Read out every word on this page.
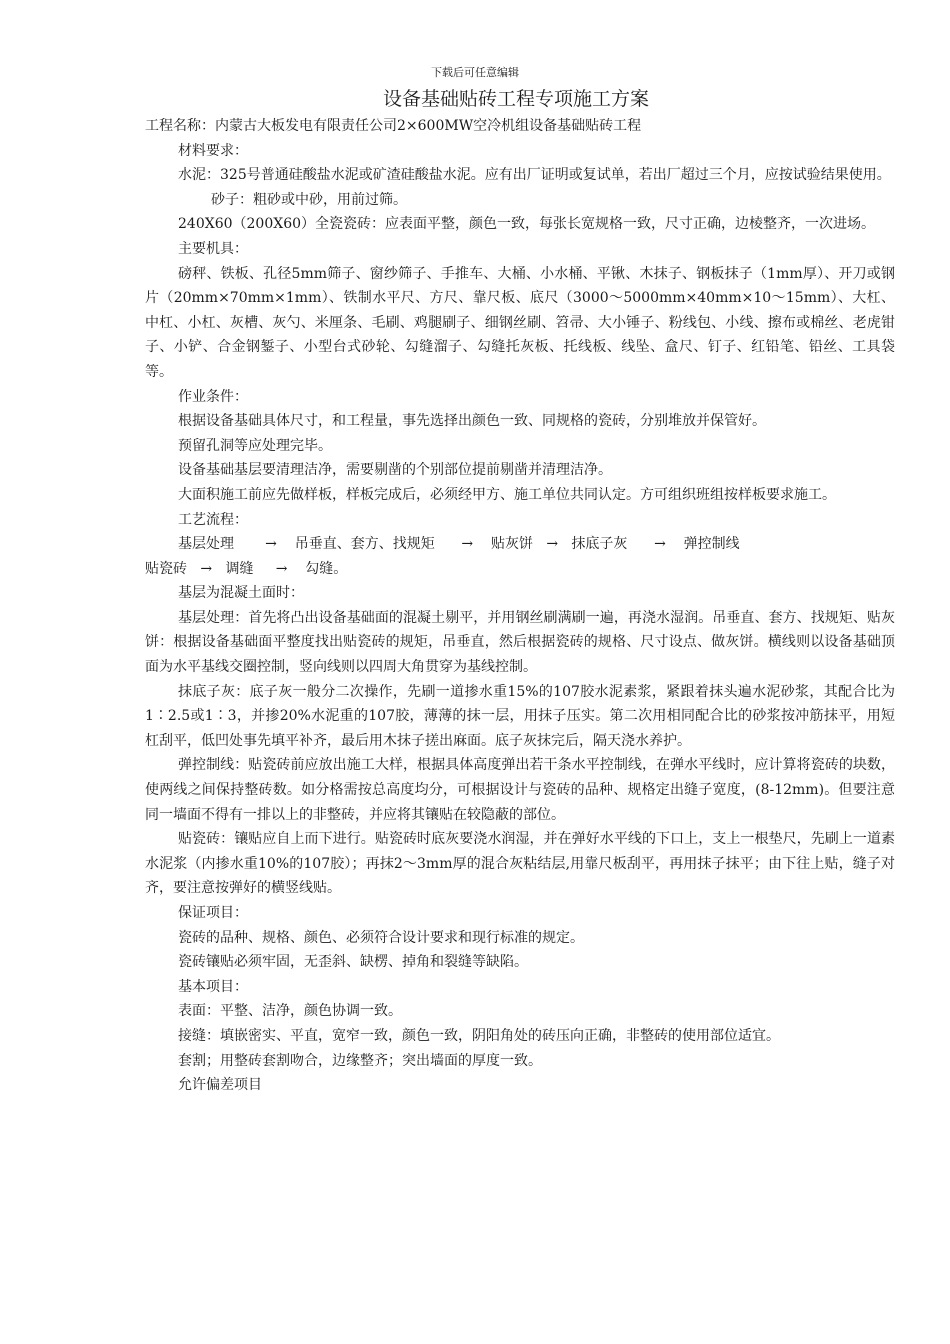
下载后可任意编辑
设备基础贴砖工程专项施工方案

工程名称：内蒙古大板发电有限责任公司2×600MW空冷机组设备基础贴砖工程

材料要求：

水泥：325号普通硅酸盐水泥或矿渣硅酸盐水泥。应有出厂证明或复试单，若出厂超过三个月，应按试验结果使用。

砂子：粗砂或中砂，用前过筛。

240X60（200X60）全瓷瓷砖：应表面平整，颜色一致，每张长宽规格一致，尺寸正确，边棱整齐，一次进场。

主要机具：

磅秤、铁板、孔径5mm筛子、窗纱筛子、手推车、大桶、小水桶、平锹、木抹子、钢板抹子（1mm厚）、开刀或钢片（20mm×70mm×1mm）、铁制水平尺、方尺、靠尺板、底尺（3000～5000mm×40mm×10～15mm）、大杠、中杠、小杠、灰槽、灰勺、米厘条、毛刷、鸡腿刷子、细钢丝刷、笤帚、大小锤子、粉线包、小线、擦布或棉丝、老虎钳子、小铲、合金钢錾子、小型台式砂轮、勾缝溜子、勾缝托灰板、托线板、线坠、盒尺、钉子、红铅笔、铅丝、工具袋等。

作业条件：

根据设备基础具体尺寸，和工程量，事先选择出颜色一致、同规格的瓷砖，分别堆放并保管好。

预留孔洞等应处理完毕。

设备基础基层要清理洁净，需要剔凿的个别部位提前剔凿并清理洁净。

大面积施工前应先做样板，样板完成后，必须经甲方、施工单位共同认定。方可组织班组按样板要求施工。

工艺流程：

基层处理 → 吊垂直、套方、找规矩 → 贴灰饼 → 抹底子灰 → 弹控制线

贴瓷砖 → 调缝 → 勾缝。

基层为混凝土面时：

基层处理：首先将凸出设备基础面的混凝土剔平，并用钢丝刷满刷一遍，再浇水湿润。吊垂直、套方、找规矩、贴灰饼：根据设备基础面平整度找出贴瓷砖的规矩，吊垂直，然后根据瓷砖的规格、尺寸设点、做灰饼。横线则以设备基础顶面为水平基线交圈控制，竖向线则以四周大角贯穿为基线控制。

抹底子灰：底子灰一般分二次操作，先刷一道掺水重15%的107胶水泥素浆，紧跟着抹头遍水泥砂浆，其配合比为1∶2.5或1∶3，并掺20%水泥重的107胶，薄薄的抹一层，用抹子压实。第二次用相同配合比的砂浆按冲筋抹平，用短杠刮平，低凹处事先填平补齐，最后用木抹子搓出麻面。底子灰抹完后，隔天浇水养护。

弹控制线：贴瓷砖前应放出施工大样，根据具体高度弹出若干条水平控制线，在弹水平线时，应计算将瓷砖的块数，使两线之间保持整砖数。如分格需按总高度均分，可根据设计与瓷砖的品种、规格定出缝子宽度，(8-12mm)。但要注意同一墙面不得有一排以上的非整砖，并应将其镶贴在较隐蔽的部位。

贴瓷砖：镶贴应自上而下进行。贴瓷砖时底灰要浇水润湿，并在弹好水平线的下口上，支上一根垫尺，先刷上一道素水泥浆（内掺水重10%的107胶）；再抹2～3mm厚的混合灰粘结层,用靠尺板刮平，再用抹子抹平；由下往上贴，缝子对齐，要注意按弹好的横竖线贴。

保证项目：

瓷砖的品种、规格、颜色、必须符合设计要求和现行标准的规定。

瓷砖镶贴必须牢固，无歪斜、缺楞、掉角和裂缝等缺陷。

基本项目：

表面：平整、洁净，颜色协调一致。

接缝：填嵌密实、平直，宽窄一致，颜色一致，阴阳角处的砖压向正确，非整砖的使用部位适宜。

套割；用整砖套割吻合，边缘整齐；突出墙面的厚度一致。

允许偏差项目
